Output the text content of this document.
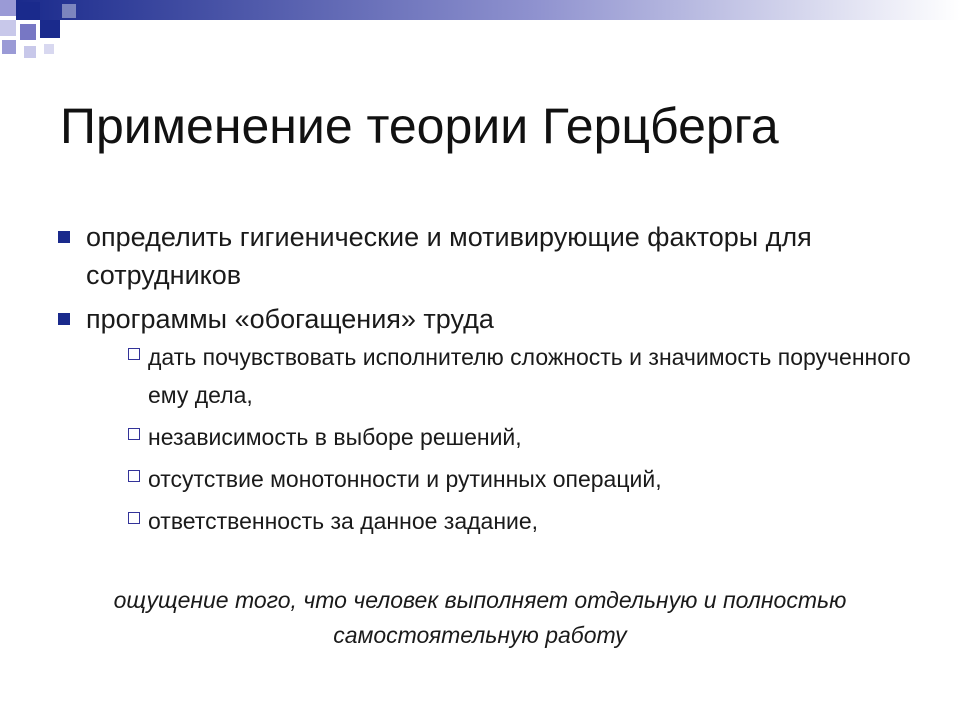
Применение теории Герцберга
определить гигиенические и мотивирующие факторы для сотрудников
программы «обогащения» труда
дать почувствовать исполнителю сложность и значимость порученного ему дела,
независимость в выборе решений,
отсутствие монотонности и рутинных операций,
ответственность за данное задание,
ощущение того, что человек выполняет отдельную и полностью самостоятельную работу
